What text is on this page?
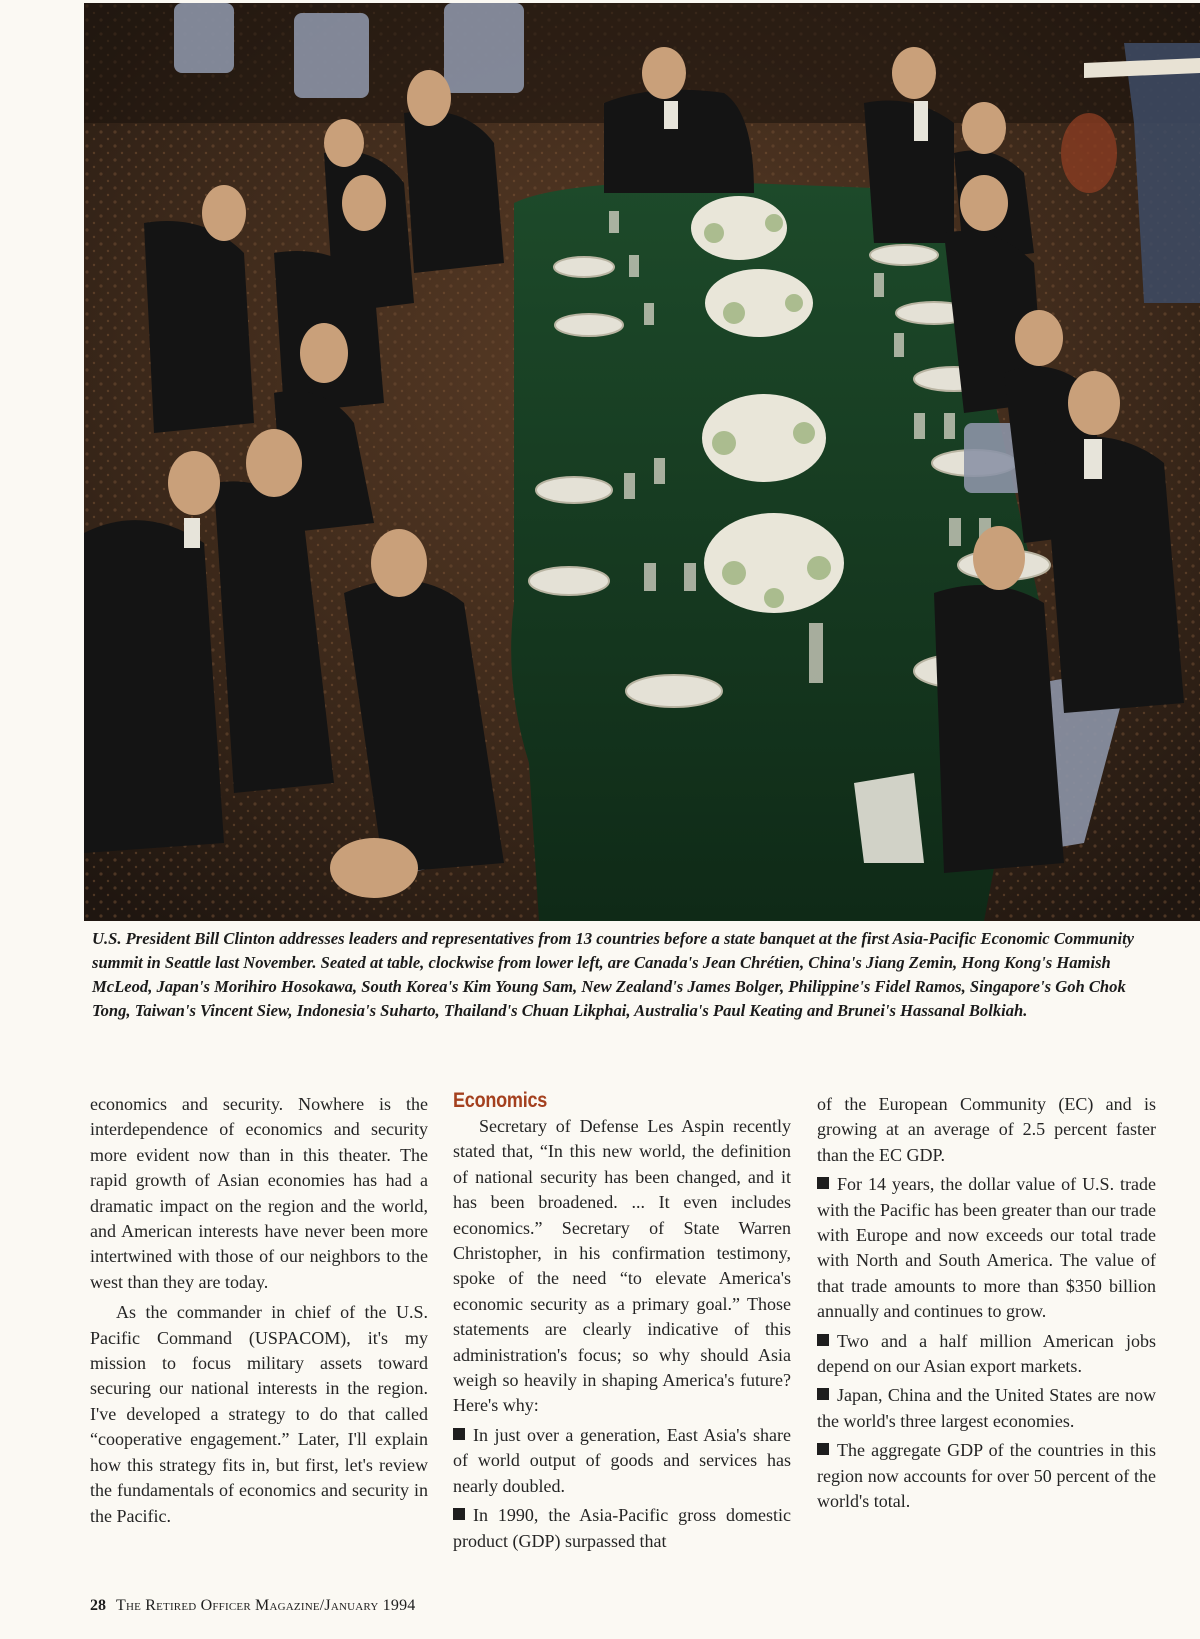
U.S. President Bill Clinton addresses leaders and representatives from 13 countries before a state banquet at the first Asia-Pacific Economic Community summit in Seattle last November. Seated at table, clockwise from lower left, are Canada's Jean Chrétien, China's Jiang Zemin, Hong Kong's Hamish McLeod, Japan's Morihiro Hosokawa, South Korea's Kim Young Sam, New Zealand's James Bolger, Philippine's Fidel Ramos, Singapore's Goh Chok Tong, Taiwan's Vincent Siew, Indonesia's Suharto, Thailand's Chuan Likphai, Australia's Paul Keating and Brunei's Hassanal Bolkiah.

economics and security. Nowhere is the interdependence of economics and security more evident now than in this theater. The rapid growth of Asian economies has had a dramatic impact on the region and the world, and American interests have never been more intertwined with those of our neighbors to the west than they are today.

As the commander in chief of the U.S. Pacific Command (USPACOM), it's my mission to focus military assets toward securing our national interests in the region. I've developed a strategy to do that called “cooperative engagement.” Later, I'll explain how this strategy fits in, but first, let's review the fundamentals of economics and security in the Pacific.

Economics

Secretary of Defense Les Aspin recently stated that, “In this new world, the definition of national security has been changed, and it has been broadened. ... It even includes economics.” Secretary of State Warren Christopher, in his confirmation testimony, spoke of the need “to elevate America's economic security as a primary goal.” Those statements are clearly indicative of this administration's focus; so why should Asia weigh so heavily in shaping America's future? Here's why:

In just over a generation, East Asia's share of world output of goods and services has nearly doubled.

In 1990, the Asia-Pacific gross domestic product (GDP) surpassed that

of the European Community (EC) and is growing at an average of 2.5 percent faster than the EC GDP.

For 14 years, the dollar value of U.S. trade with the Pacific has been greater than our trade with Europe and now exceeds our total trade with North and South America. The value of that trade amounts to more than $350 billion annually and continues to grow.

Two and a half million American jobs depend on our Asian export markets.

Japan, China and the United States are now the world's three largest economies.

The aggregate GDP of the countries in this region now accounts for over 50 percent of the world's total.

28 The Retired Officer Magazine/January 1994
